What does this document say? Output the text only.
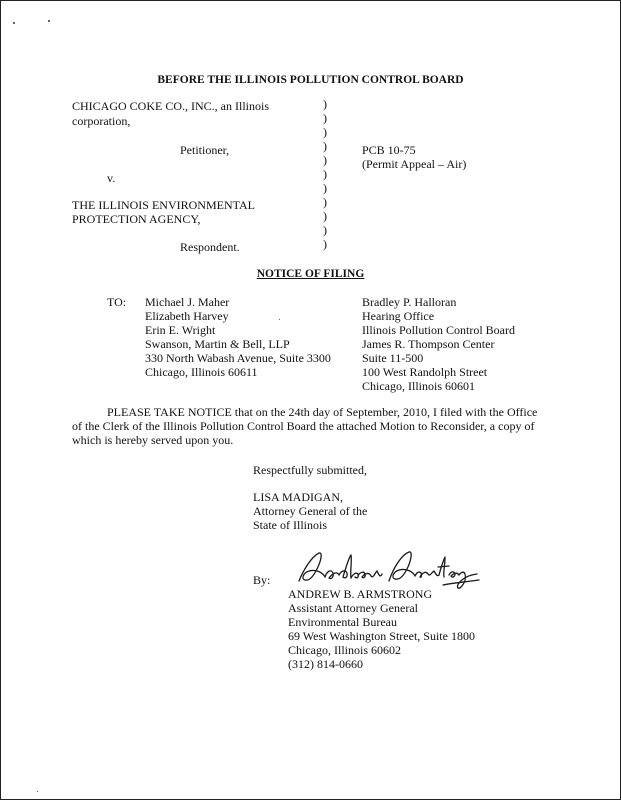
BEFORE THE ILLINOIS POLLUTION CONTROL BOARD
CHICAGO COKE CO., INC., an Illinois
corporation,
Petitioner,
v.
THE ILLINOIS ENVIRONMENTAL
PROTECTION AGENCY,
Respondent.
)
)
)
)
)
)
)
)
)
)
)
PCB 10-75
(Permit Appeal – Air)
NOTICE OF FILING
TO: Michael J. Maher
Elizabeth Harvey
Erin E. Wright
Swanson, Martin & Bell, LLP
330 North Wabash Avenue, Suite 3300
Chicago, Illinois 60611
Bradley P. Halloran
Hearing Office
Illinois Pollution Control Board
James R. Thompson Center
Suite 11-500
100 West Randolph Street
Chicago, Illinois 60601
PLEASE TAKE NOTICE that on the 24th day of September, 2010, I filed with the Office of the Clerk of the Illinois Pollution Control Board the attached Motion to Reconsider, a copy of which is hereby served upon you.
Respectfully submitted,
LISA MADIGAN,
Attorney General of the
State of Illinois
By:
ANDREW B. ARMSTRONG
Assistant Attorney General
Environmental Bureau
69 West Washington Street, Suite 1800
Chicago, Illinois 60602
(312) 814-0660
